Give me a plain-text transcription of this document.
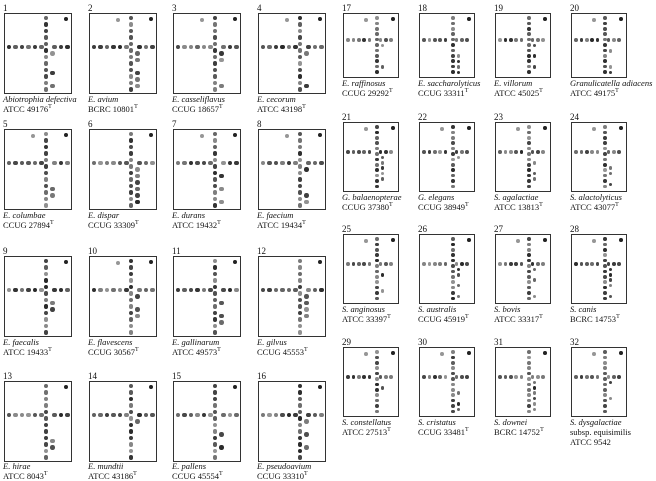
1
Abiotrophia defectiva
ATCC $49176^T$
2
E. avium
BCRC $10801^T$
3
E. casseliflavus
CCUG $18657^T$
4
E. cecorum
ATCC $43198^T$
5
E. columbae
CCUG $27894^T$
6
E. dispar
CCUG $33309^T$
7
E. durans
ATCC $19432^T$
8
E. faecium
ATCC $19434^T$
9
E. faecalis
ATCC $19433^T$
10
E. flavescens
CCUG $30567^T$
11
E. gallinarum
ATCC $49573^T$
12
E. gilvus
CCUG $45553^T$
13
E. hirae
ATCC $8043^T$
14
E. mundtii
ATCC $43186^T$
15
E. pallens
CCUG $45554^T$
16
E. pseudoavium
CCUG $33310^T$
17
E. raffinosus
CCUG $29292^T$
18
E. saccharolyticus
CCUG $33311^T$
19
E. villorum
ATCC $45025^T$
20
Granulicatella adiacens
ATCC $49175^T$
21
G. balaenopterae
CCUG $37380^T$
22
G. elegans
CCUG $38949^T$
23
S. agalactiae
ATCC $13813^T$
24
S. alactolyticus
ATCC $43077^T$
25
S. anginosus
ATCC $33397^T$
26
S. australis
CCUG $45919^T$
27
S. bovis
ATCC $33317^T$
28
S. canis
BCRC $14753^T$
29
S. constellatus
ATCC $27513^T$
30
S. cristatus
CCUG $33481^T$
31
S. downei
BCRC $14752^T$
32
S. dysgalactiae
subsp. equisimilis
ATCC 9542
